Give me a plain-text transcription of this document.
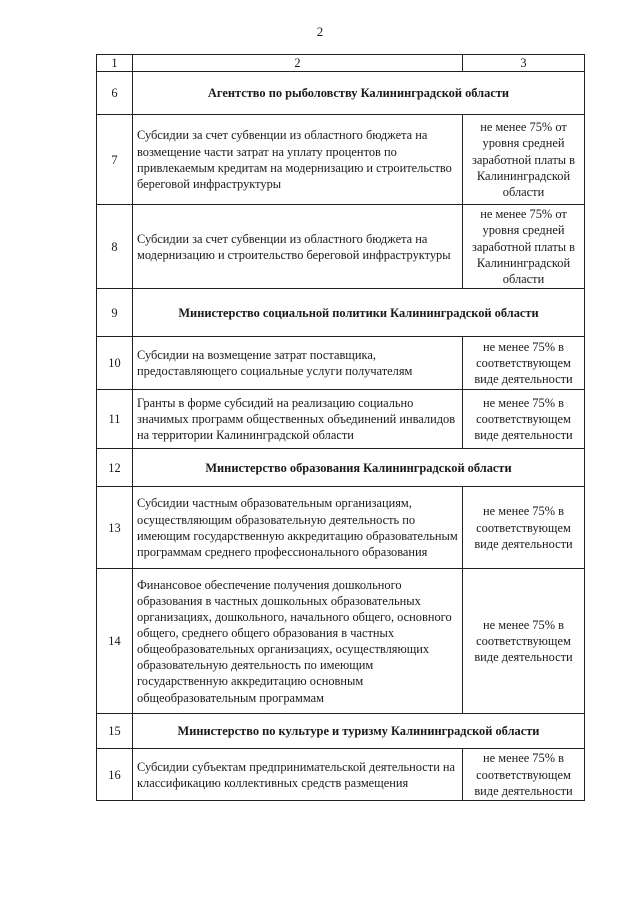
2
1	2	3
6	Агентство по рыболовству Калининградской области	
7	Субсидии за счет субвенции из областного бюджета на возмещение части затрат на уплату процентов по привлекаемым кредитам на модернизацию и строительство береговой инфраструктуры	не менее 75% от уровня средней заработной платы в Калининградской области
8	Субсидии за счет субвенции из областного бюджета на модернизацию и строительство береговой инфраструктуры	не менее 75% от уровня средней заработной платы в Калининградской области
9	Министерство социальной политики Калининградской области	
10	Субсидии на возмещение затрат поставщика, предоставляющего социальные услуги получателям	не менее 75% в соответствующем виде деятельности
11	Гранты в форме субсидий на реализацию социально значимых программ общественных объединений инвалидов на территории Калининградской области	не менее 75% в соответствующем виде деятельности
12	Министерство образования Калининградской области	
13	Субсидии частным образовательным организациям, осуществляющим образовательную деятельность по имеющим государственную аккредитацию образовательным программам среднего профессионального образования	не менее 75% в соответствующем виде деятельности
14	Финансовое обеспечение получения дошкольного образования в частных дошкольных образовательных организациях, дошкольного, начального общего, основного общего, среднего общего образования в частных общеобразовательных организациях, осуществляющих образовательную деятельность по имеющим государственную аккредитацию основным общеобразовательным программам	не менее 75% в соответствующем виде деятельности
15	Министерство по культуре и туризму Калининградской области	
16	Субсидии субъектам предпринимательской деятельности на классификацию коллективных средств размещения	не менее 75% в соответствующем виде деятельности
